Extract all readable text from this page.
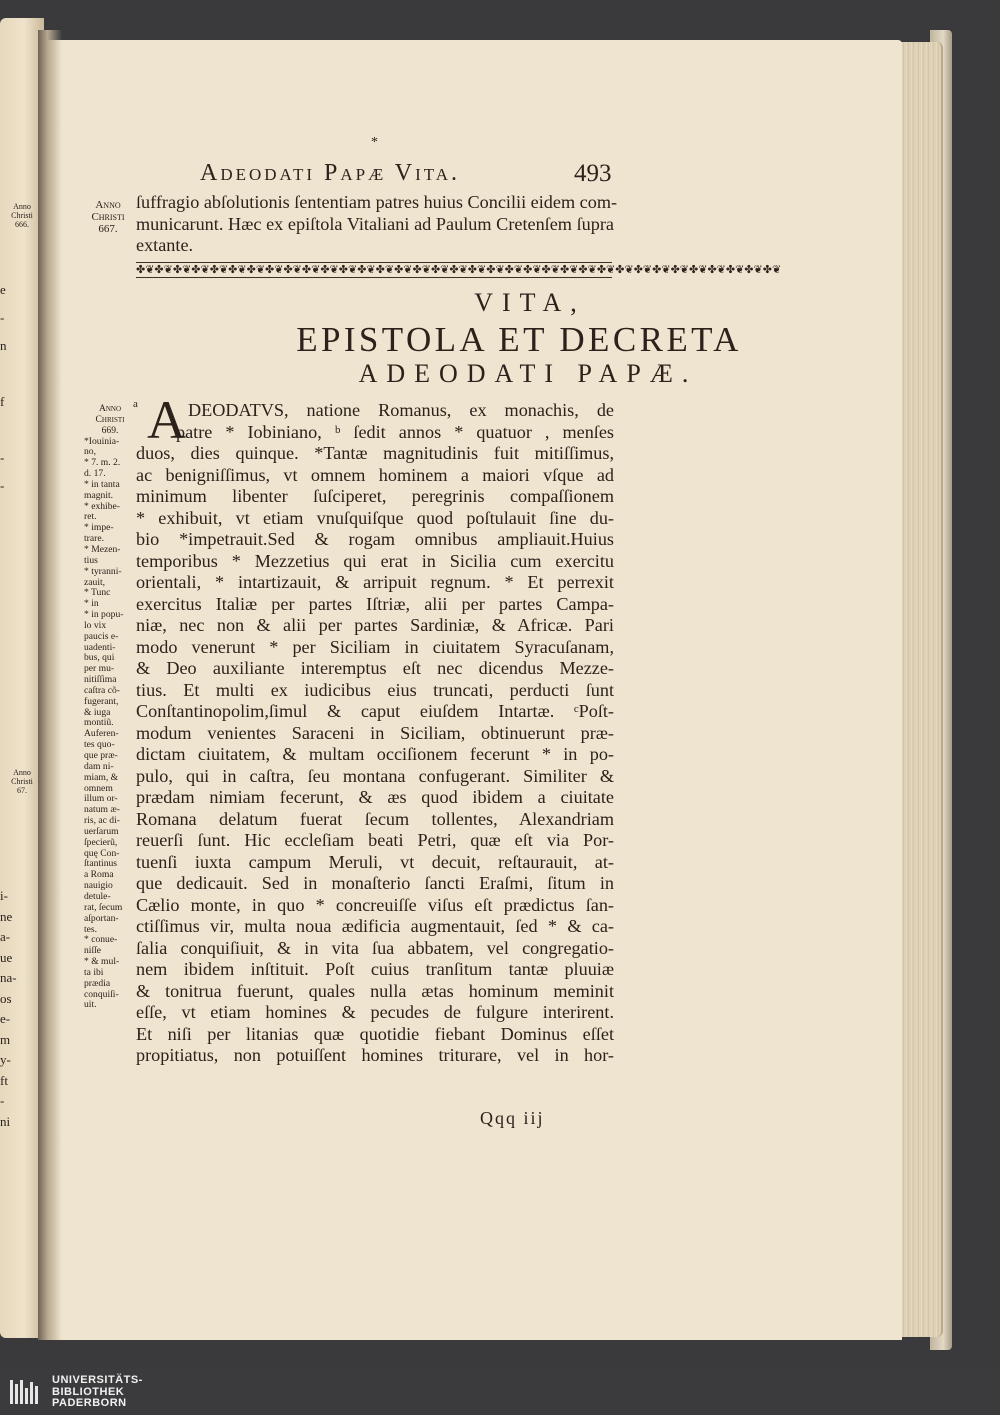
Anno Christi 666.
Anno Christi 67.
e
-
n
f
-
-
i-
ne
a-
ue
na-
os
e-
m
y-
ft
-
ni
*
Adeodati Papæ Vita.	493
Anno Christi 667.
ſuffragio abſolutionis ſententiam patres huius Concilii eidem com-
municarunt. Hæc ex epiſtola Vitaliani ad Paulum Cretenſem ſupra
extante.
✤❦✤❦✤❦✤❦✤❦✤❦✤❦✤❦✤❦✤❦✤❦✤❦✤❦✤❦✤❦✤❦✤❦✤❦✤❦✤❦✤❦✤❦✤❦✤❦✤❦✤❦✤❦✤❦✤❦✤❦✤❦✤❦✤❦✤❦✤❦
VITA,
EPISTOLA ET DECRETA
ADEODATI PAPÆ.
a
Anno
Christi
669.
*Iouinia-
no,
* 7. m. 2.
d. 17.
* in tanta
magnit.
* exhibe-
ret.
* impe-
trare.
* Mezen-
tius
* tyranni-
zauit,
* Tunc
* in
* in popu-
lo vix
paucis e-
uadenti-
bus, qui
per mu-
nitiſſima
caſtra cõ-
fugerant,
& iuga
montiũ.
Auferen-
tes quo-
que præ-
dam ni-
miam, &
omnem
illum or-
natum æ-
ris, ac di-
uerſarum
ſpecierũ,
quę Con-
ſtantinus
a Roma
nauigio
detule-
rat, ſecum
aſportan-
tes.
* conue-
niſſe
* & mul-
ta ibi
prædia
conquiſi-
uit.
A DEODATVS, natione Romanus, ex monachis, de
patre * Iobiniano, ᵇ ſedit annos * quatuor , menſes
duos, dies quinque. *Tantæ magnitudinis fuit mitiſſimus,
ac benigniſſimus, vt omnem hominem a maiori vſque ad
minimum libenter ſuſciperet, peregrinis compaſſionem
* exhibuit, vt etiam vnuſquiſque quod poſtulauit ſine du-
bio *impetrauit.Sed & rogam omnibus ampliauit.Huius
temporibus * Mezzetius qui erat in Sicilia cum exercitu
orientali, * intartizauit, & arripuit regnum. * Et perrexit
exercitus Italiæ per partes Iſtriæ, alii per partes Campa-
niæ, nec non & alii per partes Sardiniæ, & Africæ. Pari
modo venerunt * per Siciliam in ciuitatem Syracuſanam,
& Deo auxiliante interemptus eſt nec dicendus Mezze-
tius. Et multi ex iudicibus eius truncati, perducti ſunt
Conſtantinopolim,ſimul & caput eiuſdem Intartæ. ᶜPoſt-
modum venientes Saraceni in Siciliam, obtinuerunt præ-
dictam ciuitatem, & multam occiſionem fecerunt * in po-
pulo, qui in caſtra, ſeu montana confugerant. Similiter &
prædam nimiam fecerunt, & æs quod ibidem a ciuitate
Romana delatum fuerat ſecum tollentes, Alexandriam
reuerſi ſunt. Hic eccleſiam beati Petri, quæ eſt via Por-
tuenſi iuxta campum Meruli, vt decuit, reſtaurauit, at-
que dedicauit. Sed in monaſterio ſancti Eraſmi, ſitum in
Cælio monte, in quo * concreuiſſe viſus eſt prædictus ſan-
ctiſſimus vir, multa noua ædificia augmentauit, ſed * & ca-
ſalia conquiſiuit, & in vita ſua abbatem, vel congregatio-
nem ibidem inſtituit. Poſt cuius tranſitum tantæ pluuiæ
& tonitrua fuerunt, quales nulla ætas hominum meminit
eſſe, vt etiam homines & pecudes de fulgure interirent.
Et niſi per litanias quæ quotidie fiebant Dominus eſſet
propitiatus, non potuiſſent homines triturare, vel in hor-
Qqq iij
UNIVERSITÄTS-
BIBLIOTHEK
PADERBORN
